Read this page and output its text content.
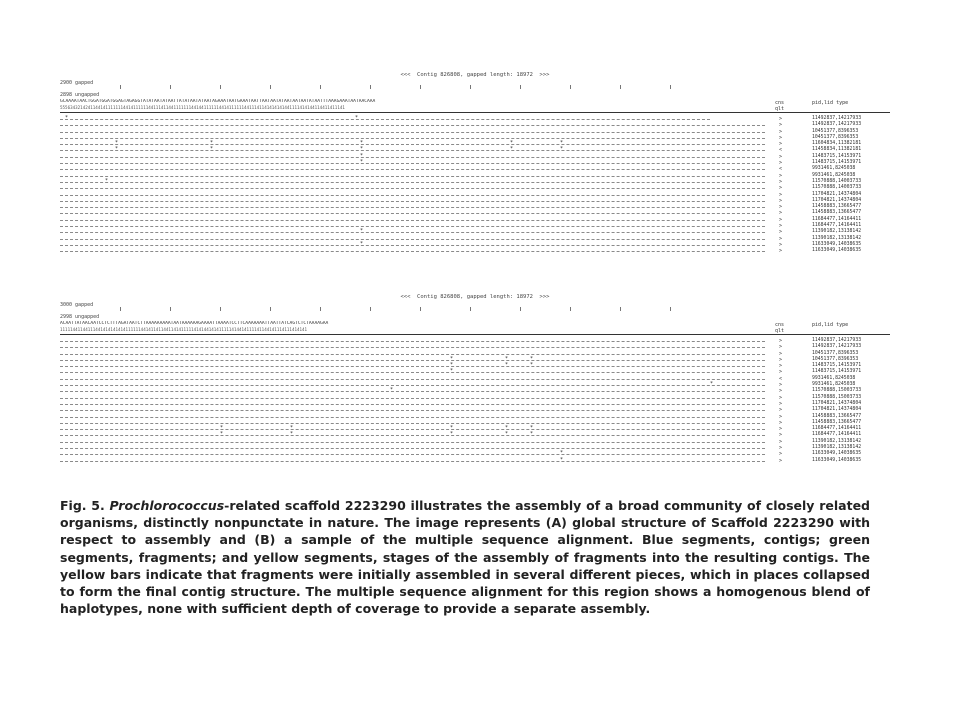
<<<  Contig 826808, gapped length: 18972  >>>

2900 gapped

2898 ungapped

GCAAAATAACTGGATGGATGGAGTAGAGGTATATAATATAATTATATAATATAATAGAAATAATGAAATAATTAATAATATAATAATAATATAATTTAAAGAAATAATAACAAA

55563432142411441411111114414111111441114114411111114414411111144141111114411141141414141441111414144114411411141

cns
qlt

pid,lid type

*	*	>	11492837,14217933
>	11492837,14217933
>	10451377,8396353
>	10451377,8396353
*	*	*	*	*	>	11604834,11382181
*	*	*	*	*	<	11458834,11382181
*	>	11483715,14153971
*	>	11483715,14153971
<	9931461,8245038
>	9931461,8245038
*	>	11570888,14003733
>	11570888,14003733
>	11704821,14374804
>	11704821,14374804
>	11458883,13665477
>	11458883,13665477
>	11684477,14164411
>	11684477,14164411
*	>	11390182,13138142
>	11390182,13138142
*	>	11633049,14038635
>	11633049,14038635

<<<  Contig 826808, gapped length: 18972  >>>

3000 gapped

2998 ungapped

ACAATTATAACAATCCTCTTTAGATAATCTTAAAAAAAAATAATAAAAAAGAAAATTAAAATCCTTCAAAAAAATTAATTATCAGTCTCTAAAAGAA

11111441144111441414141414111111441411411441141411111414144141411111414414111141144141114111414141

cns
qlt

pid,lid type

>	11492837,14217933
>	11492837,14217933
>	10451377,8396353
*	*	*	>	10451377,8396353
*	*	*	>	11483715,14153971
*	>	11483715,14153971
<	9931461,8245038
*	>	9931461,8245038
*	>	11570888,15003733
>	11570888,15003733
>	11704821,14374804
>	11704821,14374804
>	11458883,13665477
>	11458883,13665477
*	*	*	*	*	>	11684477,14164411
*	*	*	*	*	>	11684477,14164411
>	11390182,13138142
>	11390182,13138142
*	>	11633049,14038635
*	>	11633049,14038635

Fig. 5. Prochlorococcus-related scaffold 2223290 illustrates the assembly of a broad community of closely related organisms, distinctly nonpunctate in nature. The image represents (A) global structure of Scaffold 2223290 with respect to assembly and (B) a sample of the multiple sequence alignment. Blue segments, contigs; green segments, fragments; and yellow segments, stages of the assembly of fragments into the resulting contigs. The yellow bars indicate that fragments were initially assembled in several different pieces, which in places collapsed to form the final contig structure. The multiple sequence alignment for this region shows a homogenous blend of haplotypes, none with sufficient depth of coverage to provide a separate assembly.
